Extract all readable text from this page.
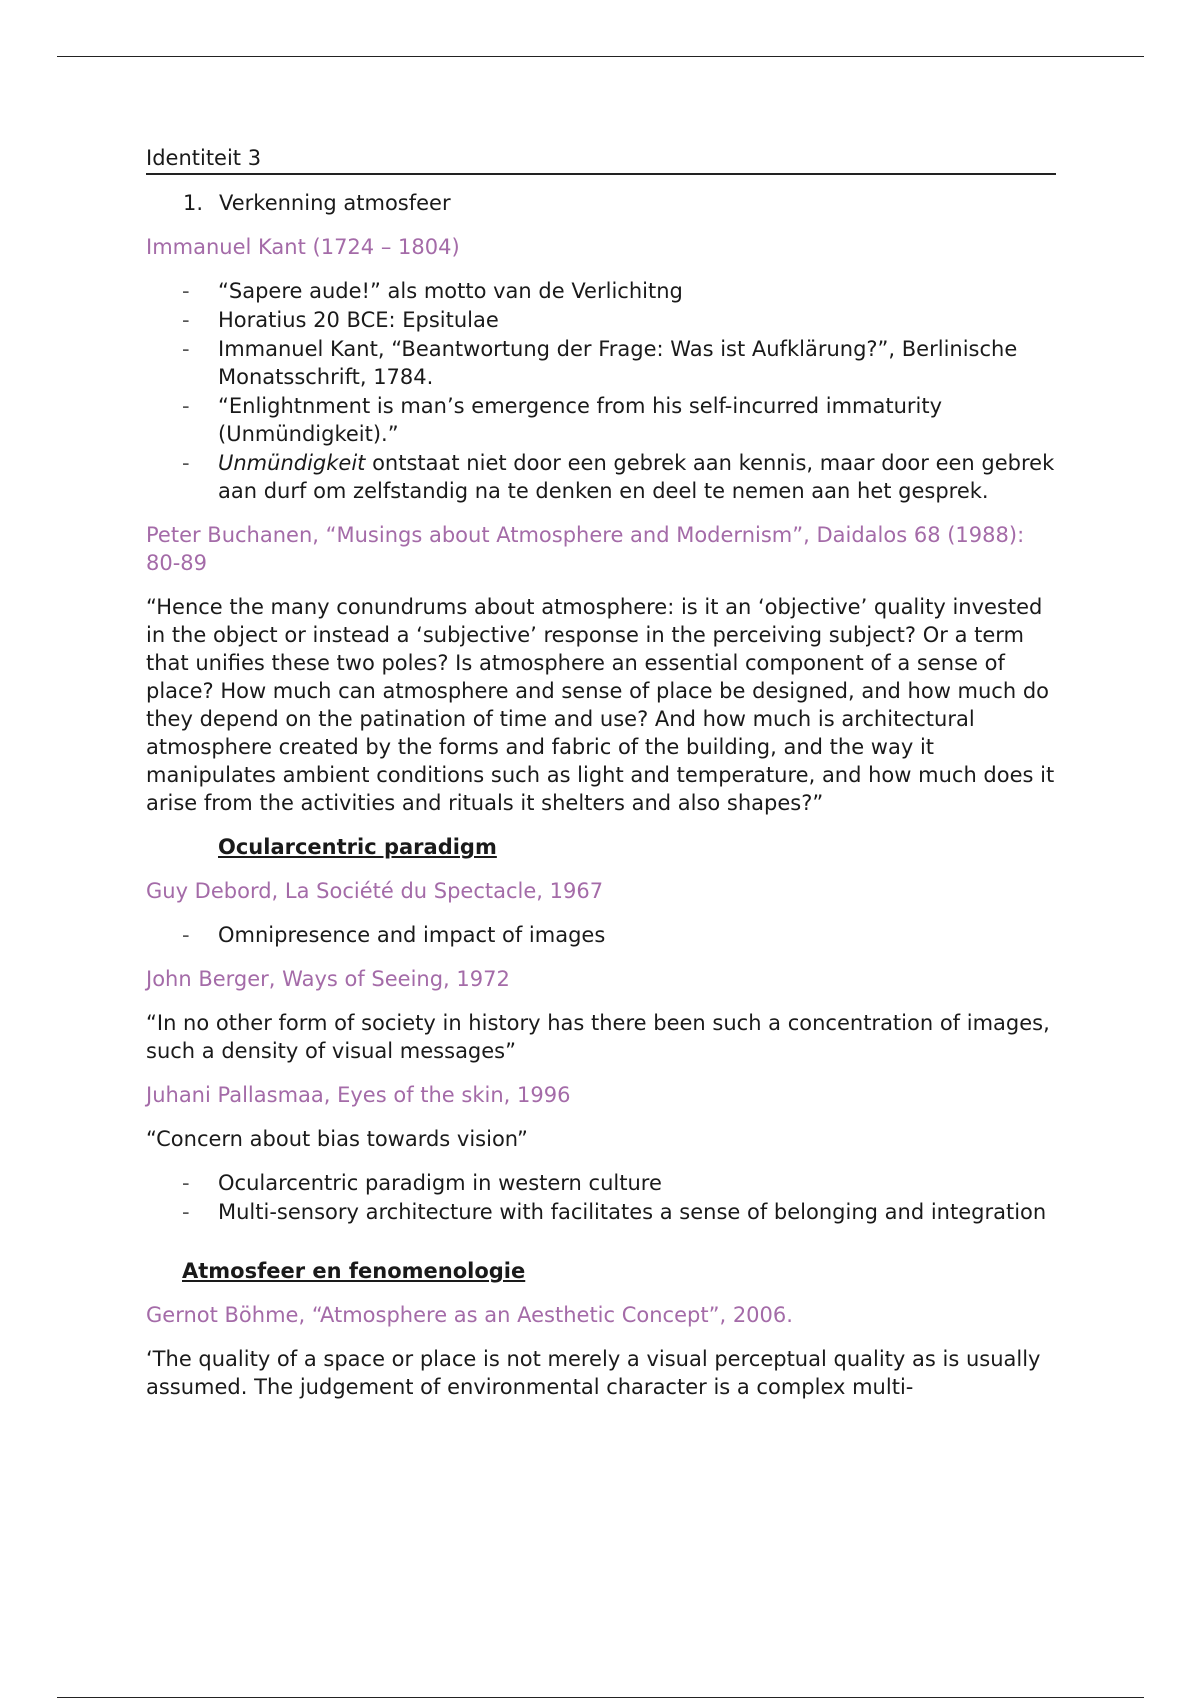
Identiteit 3
1. Verkenning atmosfeer
Immanuel Kant (1724 – 1804)
- “Sapere aude!” als motto van de Verlichitng
- Horatius 20 BCE: Epsitulae
- Immanuel Kant, “Beantwortung der Frage: Was ist Aufklärung?”, Berlinische Monatsschrift, 1784.
- “Enlightnment is man’s emergence from his self-incurred immaturity (Unmündigkeit).”
- Unmündigkeit ontstaat niet door een gebrek aan kennis, maar door een gebrek aan durf om zelfstandig na te denken en deel te nemen aan het gesprek.
Peter Buchanen, “Musings about Atmosphere and Modernism”, Daidalos 68 (1988): 80-89
“Hence the many conundrums about atmosphere: is it an ‘objective’ quality invested in the object or instead a ‘subjective’ response in the perceiving subject? Or a term that unifies these two poles? Is atmosphere an essential component of a sense of place? How much can atmosphere and sense of place be designed, and how much do they depend on the patination of time and use? And how much is architectural atmosphere created by the forms and fabric of the building, and the way it manipulates ambient conditions such as light and temperature, and how much does it arise from the activities and rituals it shelters and also shapes?”
Ocularcentric paradigm
Guy Debord, La Société du Spectacle, 1967
- Omnipresence and impact of images
John Berger, Ways of Seeing, 1972
“In no other form of society in history has there been such a concentration of images, such a density of visual messages”
Juhani Pallasmaa, Eyes of the skin, 1996
“Concern about bias towards vision”
- Ocularcentric paradigm in western culture
- Multi-sensory architecture with facilitates a sense of belonging and integration
Atmosfeer en fenomenologie
Gernot Böhme, “Atmosphere as an Aesthetic Concept”, 2006.
‘The quality of a space or place is not merely a visual perceptual quality as is usually assumed. The judgement of environmental character is a complex multi-
